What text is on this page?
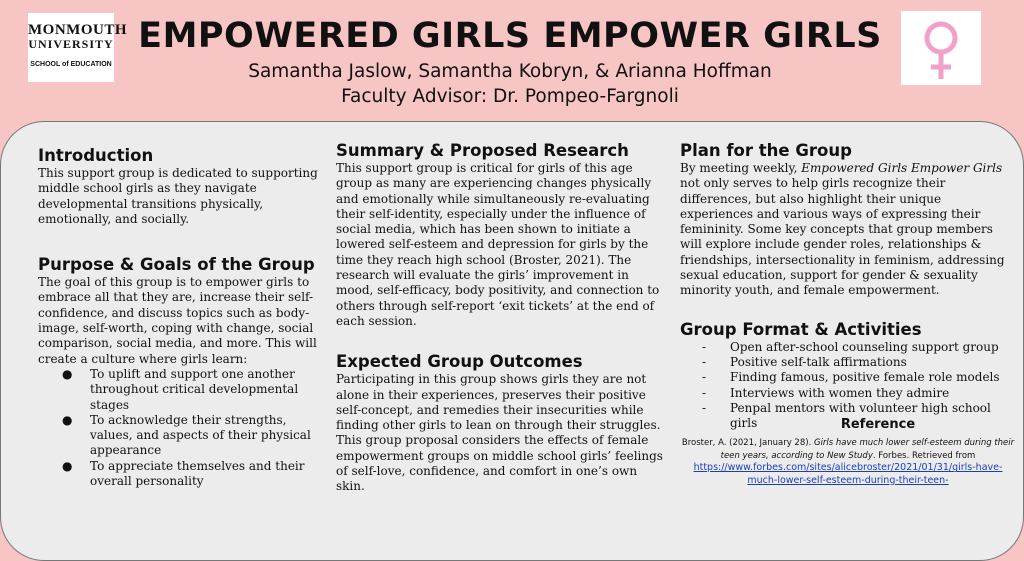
MONMOUTH
UNIVERSITY
SCHOOL of EDUCATION
EMPOWERED GIRLS EMPOWER GIRLS
Samantha Jaslow, Samantha Kobryn, & Arianna Hoffman
Faculty Advisor: Dr. Pompeo-Fargnoli
Introduction

This support group is dedicated to supporting middle school girls as they navigate developmental transitions physically, emotionally, and socially.

Purpose & Goals of the Group

The goal of this group is to empower girls to embrace all that they are, increase their self-confidence, and discuss topics such as body-image, self-worth, coping with change, social comparison, social media, and more. This will create a culture where girls learn:

● To uplift and support one another throughout critical developmental stages
● To acknowledge their strengths, values, and aspects of their physical appearance
● To appreciate themselves and their overall personality
Summary & Proposed Research

This support group is critical for girls of this age group as many are experiencing changes physically and emotionally while simultaneously re-evaluating their self-identity, especially under the influence of social media, which has been shown to initiate a lowered self-esteem and depression for girls by the time they reach high school (Broster, 2021). The research will evaluate the girls’ improvement in mood, self-efficacy, body positivity, and connection to others through self-report ‘exit tickets’ at the end of each session.

Expected Group Outcomes

Participating in this group shows girls they are not alone in their experiences, preserves their positive self-concept, and remedies their insecurities while finding other girls to lean on through their struggles. This group proposal considers the effects of female empowerment groups on middle school girls’ feelings of self-love, confidence, and comfort in one’s own skin.

Plan for the Group

By meeting weekly, Empowered Girls Empower Girls not only serves to help girls recognize their differences, but also highlight their unique experiences and various ways of expressing their femininity. Some key concepts that group members will explore include gender roles, relationships & friendships, intersectionality in feminism, addressing sexual education, support for gender & sexuality minority youth, and female empowerment.

Group Format & Activities
- Open after-school counseling support group
- Positive self-talk affirmations
- Finding famous, positive female role models
- Interviews with women they admire
- Penpal mentors with volunteer high school girls	Reference
Broster, A. (2021, January 28). Girls have much lower self-esteem during their teen years, according to New Study. Forbes. Retrieved from
https://www.forbes.com/sites/alicebroster/2021/01/31/girls-have-much-lower-self-esteem-during-their-teen-
